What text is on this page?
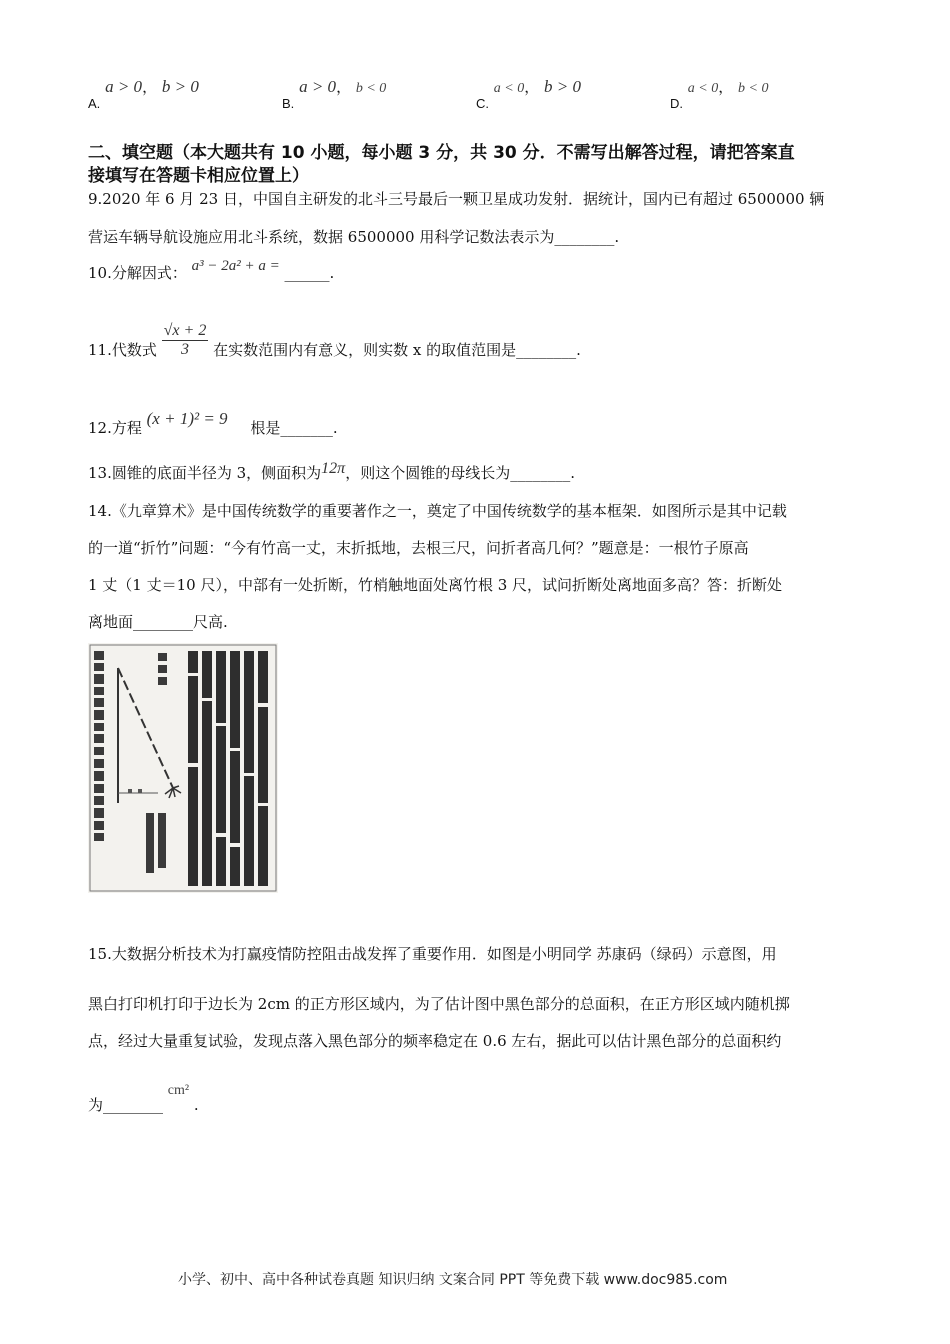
A. a > 0， b > 0
B. a > 0， b < 0
C. a < 0， b > 0
D. a < 0， b < 0
二、填空题（本大题共有 10 小题，每小题 3 分，共 30 分．不需写出解答过程，请把答案直
接填写在答题卡相应位置上）
9.2020 年 6 月 23 日，中国自主研发的北斗三号最后一颗卫星成功发射．据统计，国内已有超过 6500000 辆
营运车辆导航设施应用北斗系统，数据 6500000 用科学记数法表示为________.
10.分解因式： a³ − 2a² + a = ______.
11.代数式 $\frac{√x + 2}{3}$ 在实数范围内有意义，则实数 x 的取值范围是________.
12.方程 (x + 1)² = 9 根是_______.
13.圆锥的底面半径为 3，侧面积为12π，则这个圆锥的母线长为________.
14.《九章算术》是中国传统数学的重要著作之一，奠定了中国传统数学的基本框架．如图所示是其中记载
的一道“折竹”问题：“今有竹高一丈，末折抵地，去根三尺，问折者高几何？”题意是：一根竹子原高
1 丈（1 丈＝10 尺），中部有一处折断，竹梢触地面处离竹根 3 尺，试问折断处离地面多高？答：折断处
离地面________尺高.
15.大数据分析技术为打赢疫情防控阻击战发挥了重要作用．如图是小明同学 苏康码（绿码）示意图，用
黑白打印机打印于边长为 2cm 的正方形区域内，为了估计图中黑色部分的总面积，在正方形区域内随机掷
点，经过大量重复试验，发现点落入黑色部分的频率稳定在 0.6 左右，据此可以估计黑色部分的总面积约
为________ cm² .
小学、初中、高中各种试卷真题 知识归纳 文案合同 PPT 等免费下载 www.doc985.com
